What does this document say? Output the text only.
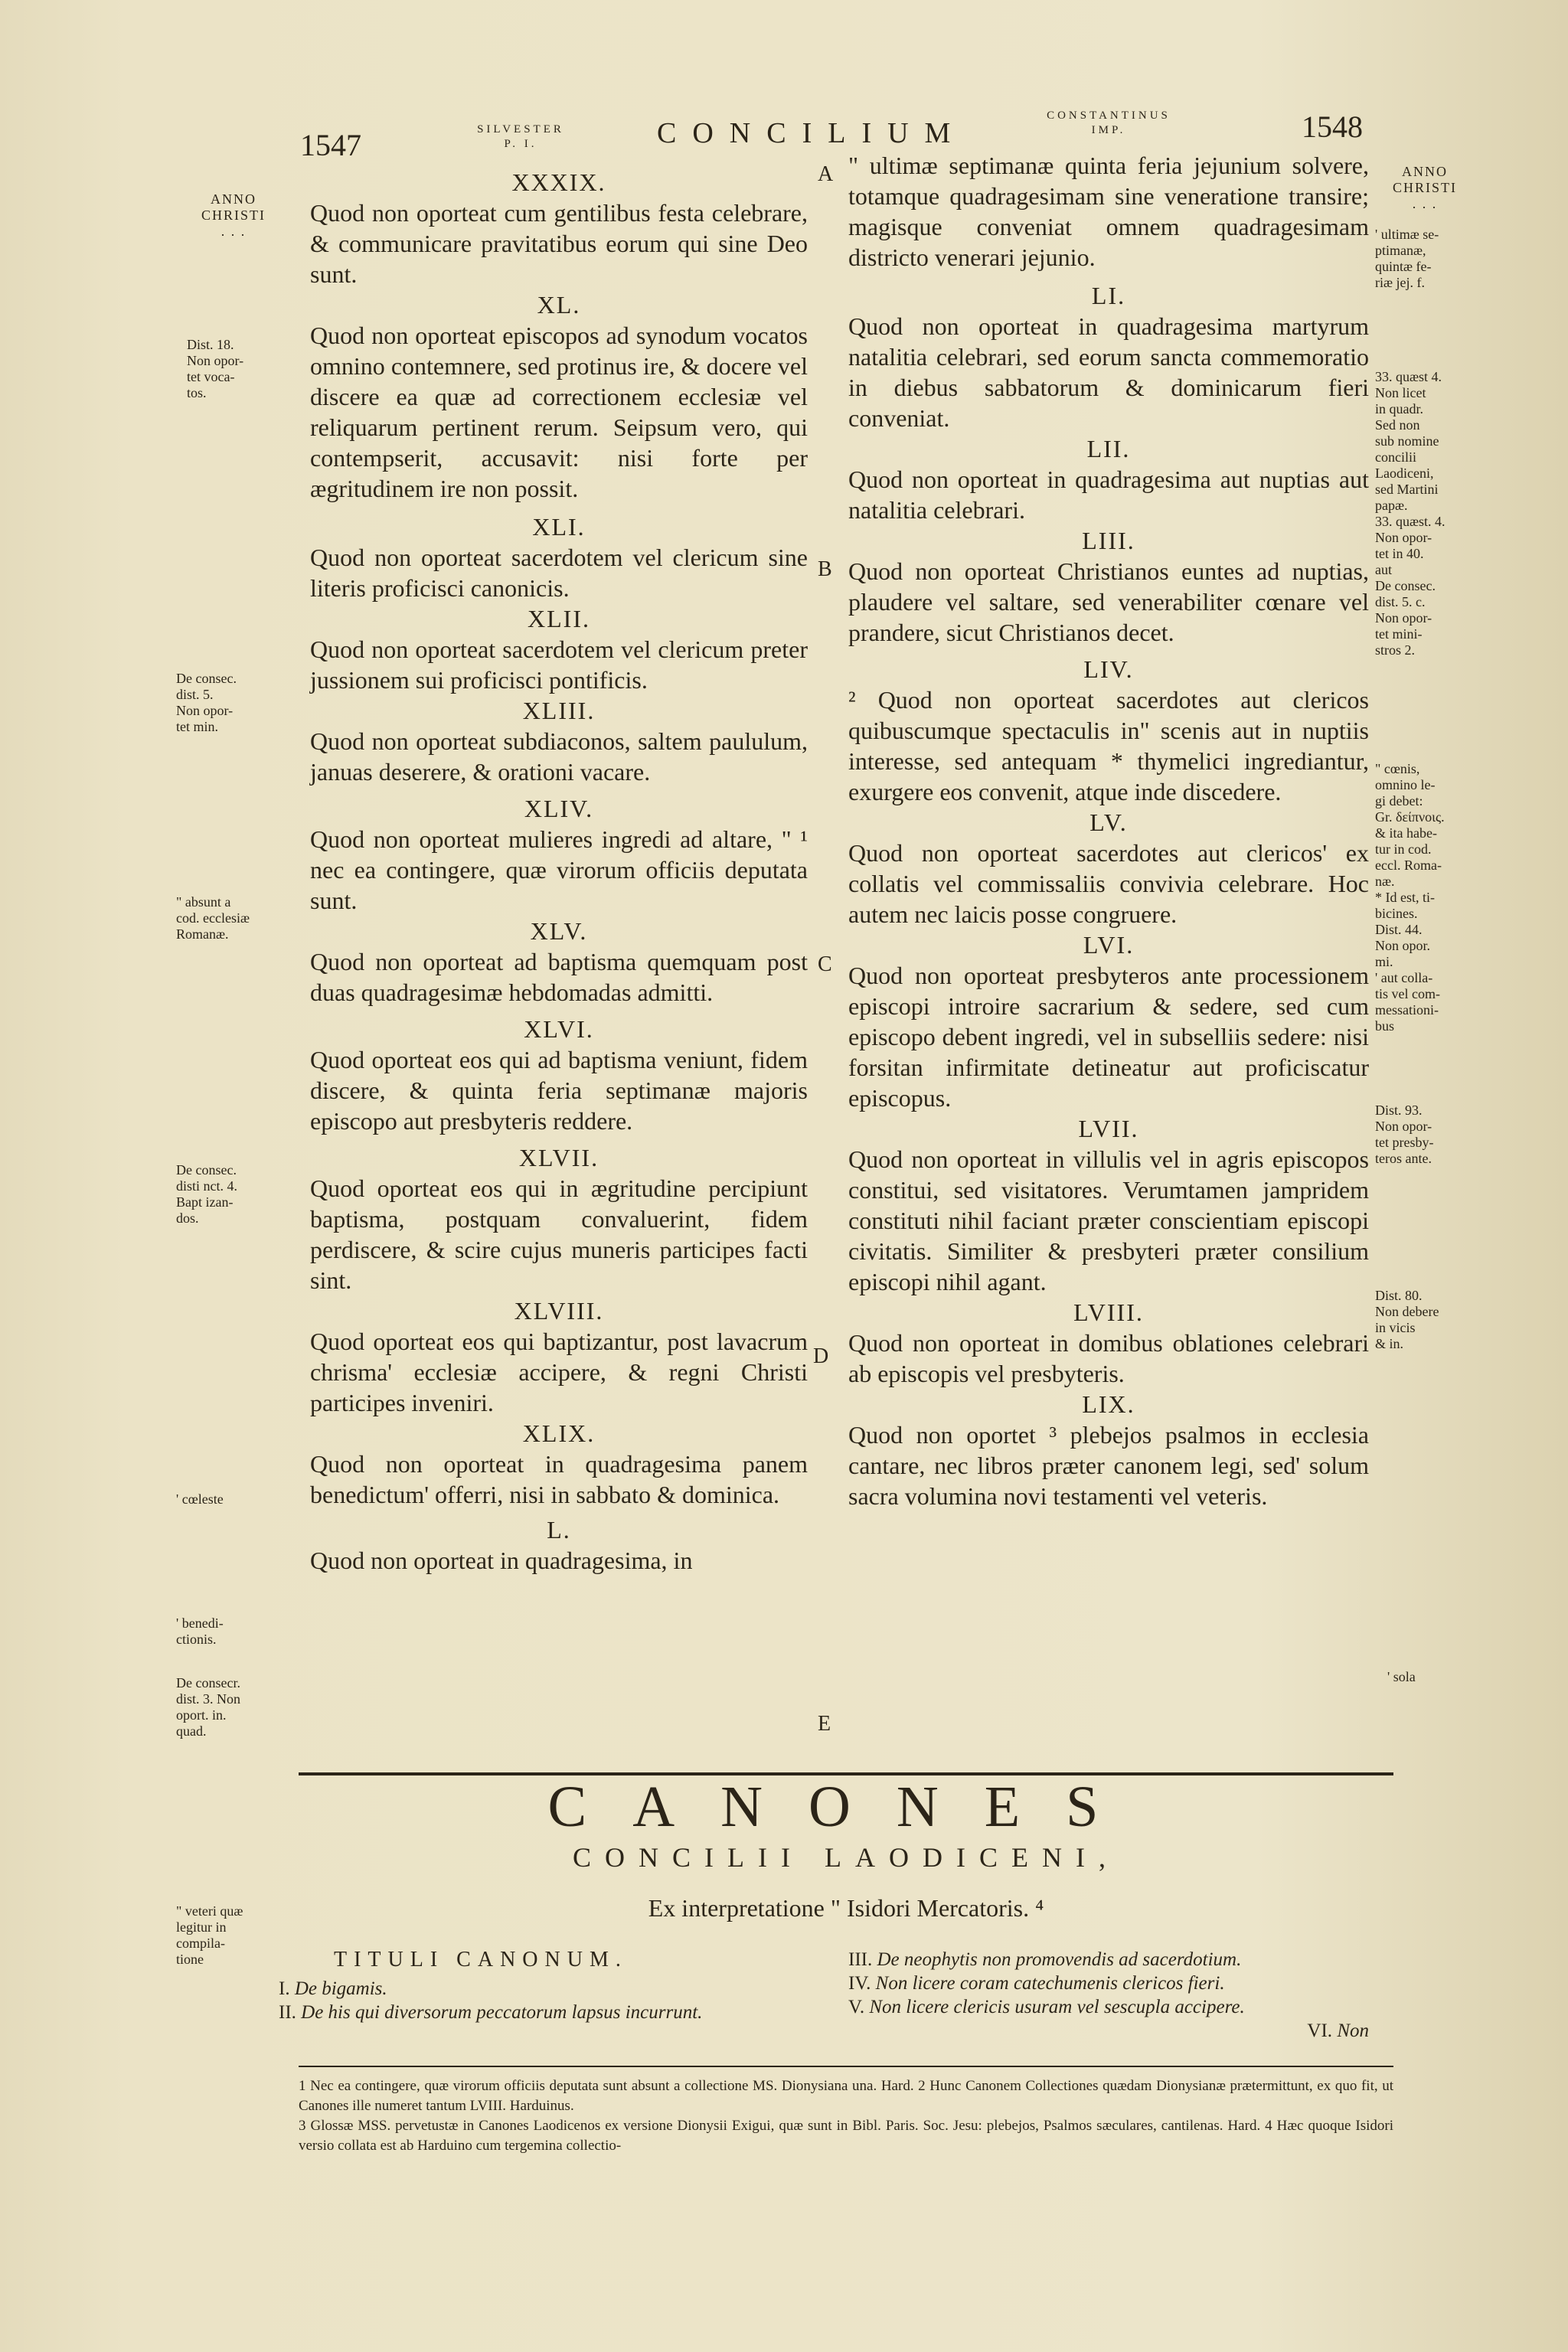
1547	SILVESTER
P. I.	CONCILIUM
CONSTANTINUS
IMP.	1548
A
B
C
D
E
ANNO
CHRISTI
. . .
Dist. 18.
Non opor-
tet voca-
tos.
De consec.
dist. 5.
Non opor-
tet min.
" absunt a
cod. ecclesiæ
Romanæ.
De consec.
disti nct. 4.
Bapt izan-
dos.
' cœleste
' benedi-
ctionis.
De consecr.
dist. 3. Non
oport. in.
quad.
" veteri quæ
legitur in
compila-
tione
ANNO
CHRISTI
. . .
' ultimæ se-
ptimanæ,
quintæ fe-
riæ jej. f.
33. quæst 4.
Non licet
in quadr.
Sed non
sub nomine
concilii
Laodiceni,
sed Martini
papæ.
33. quæst. 4.
Non opor-
tet in 40.
aut
De consec.
dist. 5. c.
Non opor-
tet mini-
stros 2.
" cœnis,
omnino le-
gi debet:
Gr. δείπνοις.
& ita habe-
tur in cod.
eccl. Roma-
næ.
* Id est, ti-
bicines.
Dist. 44.
Non opor.
mi.
' aut colla-
tis vel com-
messationi-
bus
Dist. 93.
Non opor-
tet presby-
teros ante.
Dist. 80.
Non debere
in vicis
& in.
' sola
XXXIX.

Quod non oporteat cum gentilibus festa celebrare, & communicare pravitatibus eorum qui sine Deo sunt.

XL.

Quod non oporteat episcopos ad synodum vocatos omnino contemnere, sed protinus ire, & docere vel discere ea quæ ad correctionem ecclesiæ vel reliquarum pertinent rerum. Seipsum vero, qui contempserit, accusavit: nisi forte per ægritudinem ire non possit.

XLI.

Quod non oporteat sacerdotem vel clericum sine literis proficisci canonicis.

XLII.

Quod non oporteat sacerdotem vel clericum preter jussionem sui proficisci pontificis.

XLIII.

Quod non oporteat subdiaconos, saltem paululum, januas deserere, & orationi vacare.

XLIV.

Quod non oporteat mulieres ingredi ad altare, " ¹ nec ea contingere, quæ virorum officiis deputata sunt.

XLV.

Quod non oporteat ad baptisma quemquam post duas quadragesimæ hebdomadas admitti.

XLVI.

Quod oporteat eos qui ad baptisma veniunt, fidem discere, & quinta feria septimanæ majoris episcopo aut presbyteris reddere.

XLVII.

Quod oporteat eos qui in ægritudine percipiunt baptisma, postquam convaluerint, fidem perdiscere, & scire cujus muneris participes facti sint.

XLVIII.

Quod oporteat eos qui baptizantur, post lavacrum chrisma' ecclesiæ accipere, & regni Christi participes inveniri.

XLIX.

Quod non oporteat in quadragesima panem benedictum' offerri, nisi in sabbato & dominica.

L.

Quod non oporteat in quadragesima, in

" ultimæ septimanæ quinta feria jejunium solvere, totamque quadragesimam sine veneratione transire; magisque conveniat omnem quadragesimam districto venerari jejunio.

LI.

Quod non oporteat in quadragesima martyrum natalitia celebrari, sed eorum sancta commemoratio in diebus sabbatorum & dominicarum fieri conveniat.

LII.

Quod non oporteat in quadragesima aut nuptias aut natalitia celebrari.

LIII.

Quod non oporteat Christianos euntes ad nuptias, plaudere vel saltare, sed venerabiliter cœnare vel prandere, sicut Christianos decet.

LIV.

² Quod non oporteat sacerdotes aut clericos quibuscumque spectaculis in" scenis aut in nuptiis interesse, sed antequam * thymelici ingrediantur, exurgere eos convenit, atque inde discedere.

LV.

Quod non oporteat sacerdotes aut clericos' ex collatis vel commissaliis convivia celebrare. Hoc autem nec laicis posse congruere.

LVI.

Quod non oporteat presbyteros ante processionem episcopi introire sacrarium & sedere, sed cum episcopo debent ingredi, vel in subselliis sedere: nisi forsitan infirmitate detineatur aut proficiscatur episcopus.

LVII.

Quod non oporteat in villulis vel in agris episcopos constitui, sed visitatores. Verumtamen jampridem constituti nihil faciant præter conscientiam episcopi civitatis. Similiter & presbyteri præter consilium episcopi nihil agant.

LVIII.

Quod non oporteat in domibus oblationes celebrari ab episcopis vel presbyteris.

LIX.

Quod non oportet ³ plebejos psalmos in ecclesia cantare, nec libros præter canonem legi, sed' solum sacra volumina novi testamenti vel veteris.

CANONES
CONCILII LAODICENI,
Ex interpretatione " Isidori Mercatoris. ⁴
TITULI CANONUM.
I. De bigamis.
II. De his qui diversorum peccatorum lapsus incurrunt.
III. De neophytis non promovendis ad sacerdotium.
IV. Non licere coram catechumenis clericos fieri.
V. Non licere clericis usuram vel sescupla accipere.
VI. Non
1 Nec ea contingere, quæ virorum officiis deputata sunt absunt a collectione MS. Dionysiana una. Hard. 2 Hunc Canonem Collectiones quædam Dionysianæ prætermittunt, ex quo fit, ut Canones ille numeret tantum LVIII. Harduinus.
3 Glossæ MSS. pervetustæ in Canones Laodicenos ex versione Dionysii Exigui, quæ sunt in Bibl. Paris. Soc. Jesu: plebejos, Psalmos sæculares, cantilenas. Hard. 4 Hæc quoque Isidori versio collata est ab Harduino cum tergemina collectio-
